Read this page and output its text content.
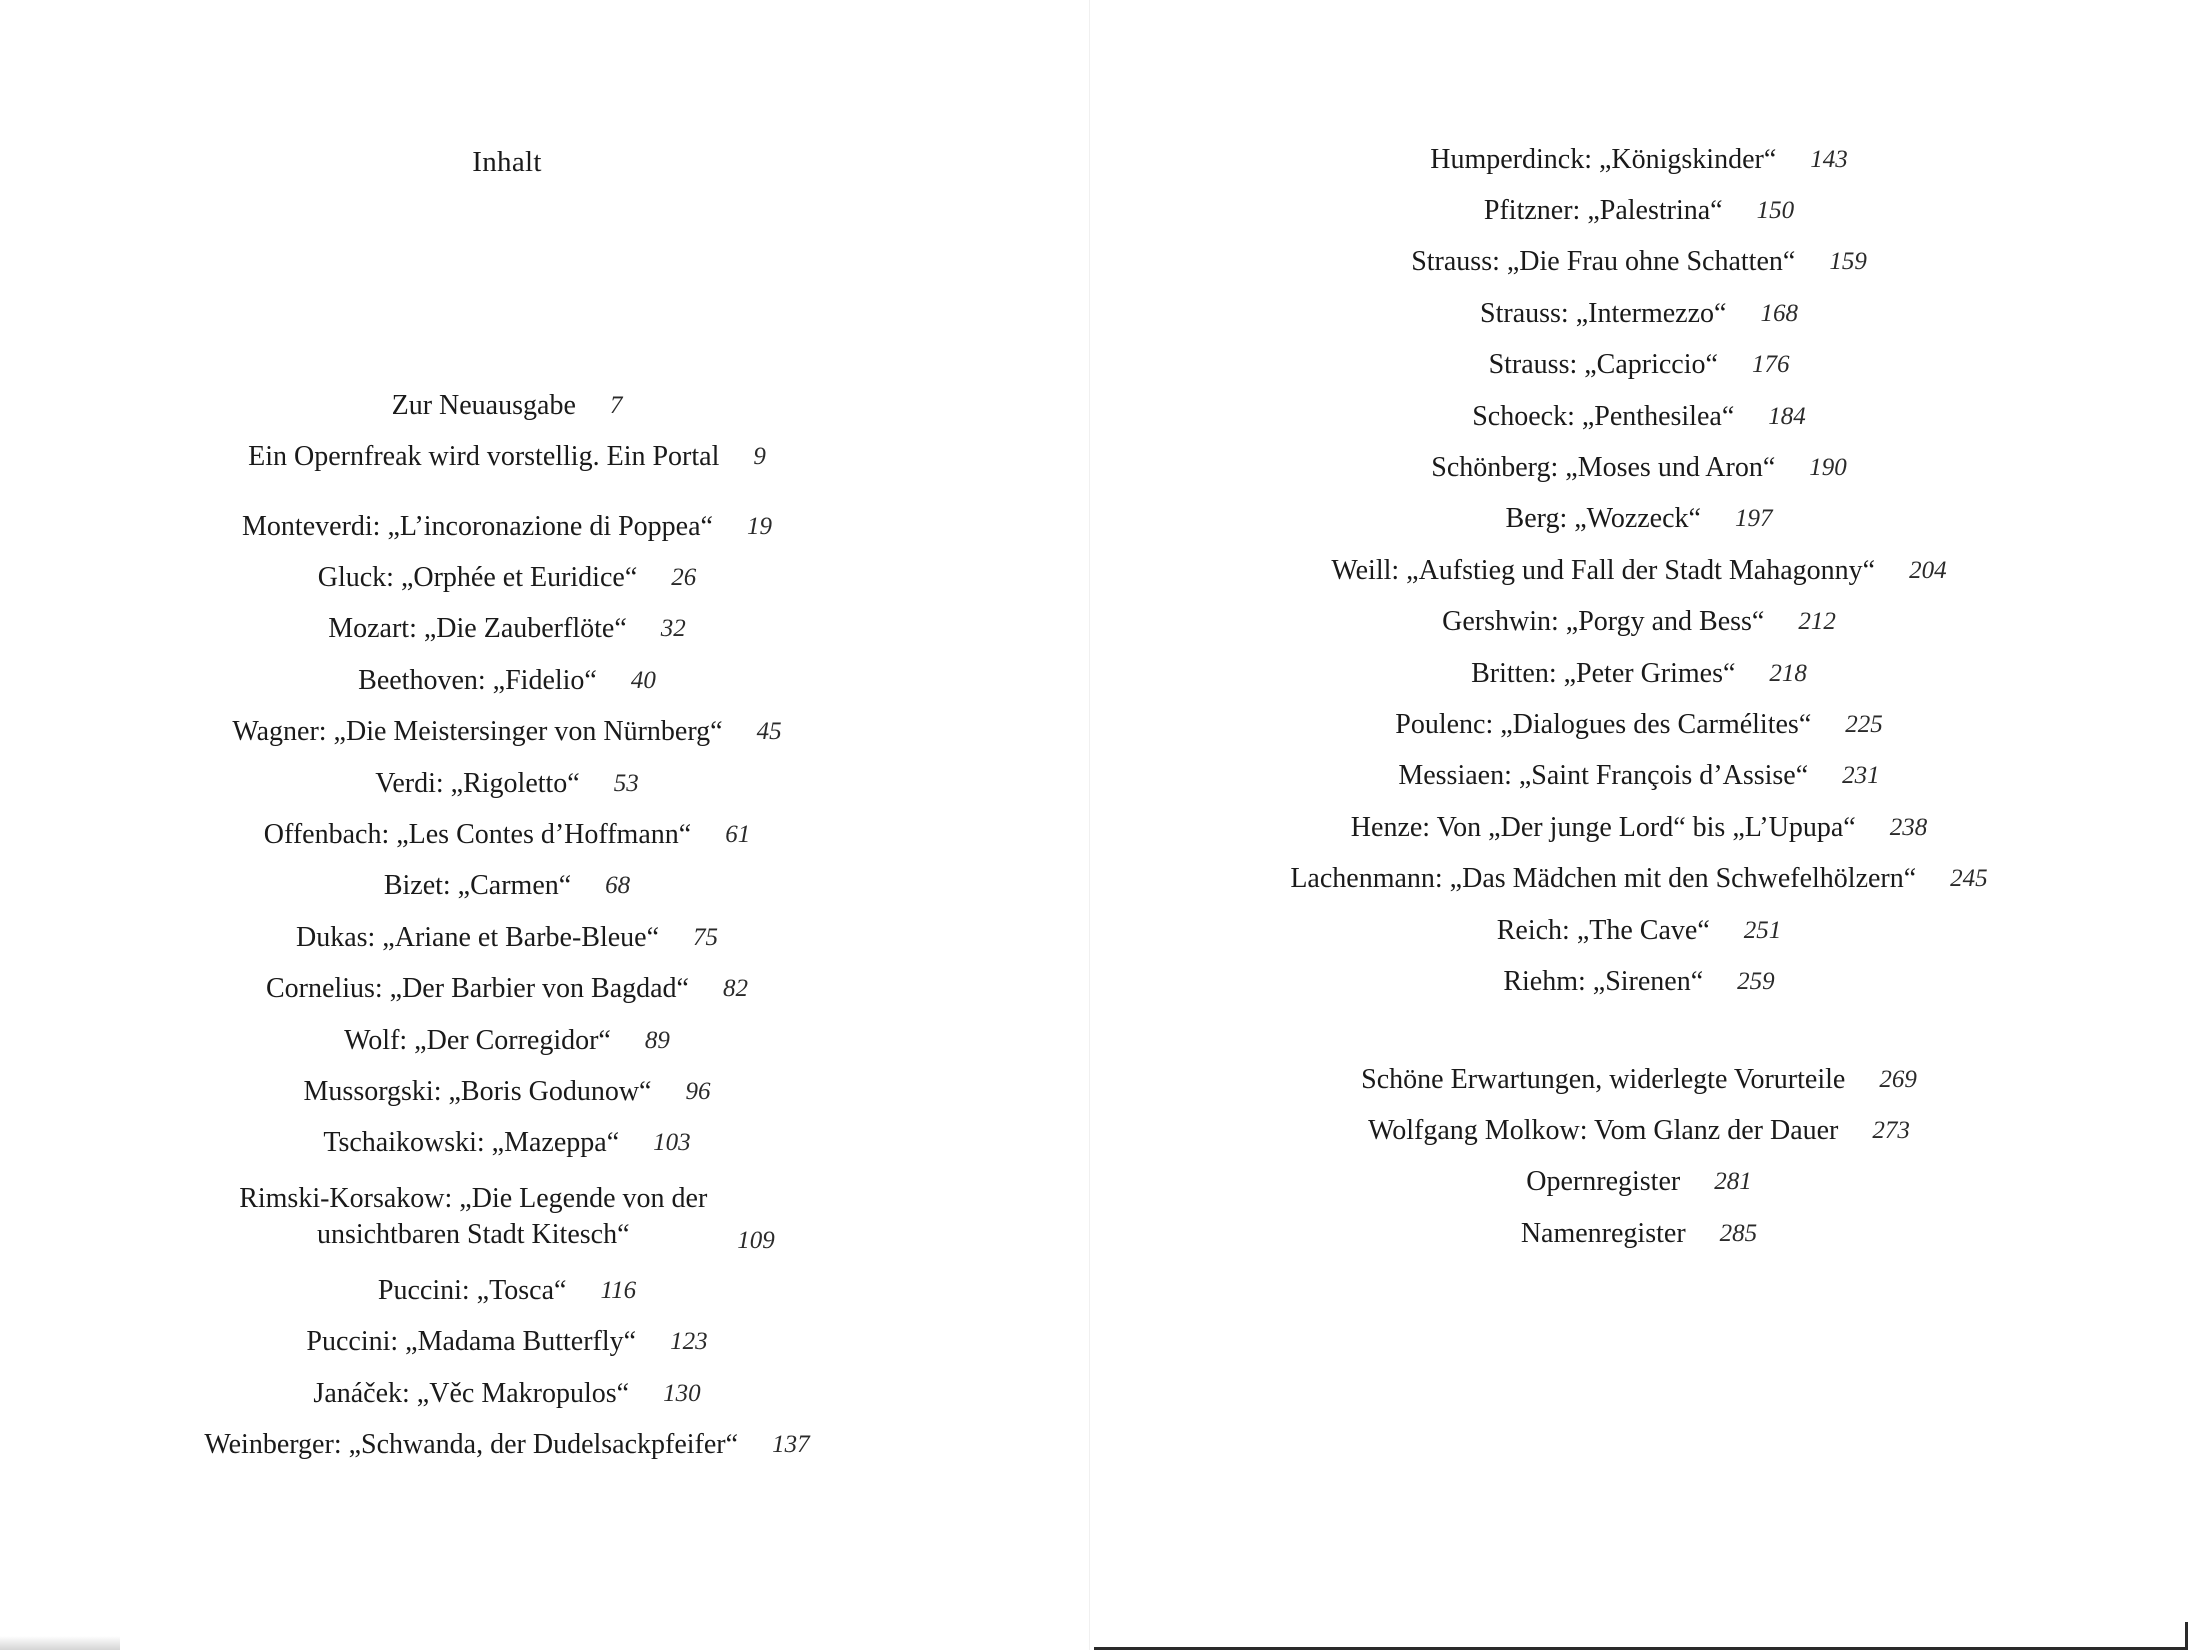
Inhalt
Zur Neuausgabe 7
Ein Opernfreak wird vorstellig. Ein Portal 9
Monteverdi: „L’incoronazione di Poppea“ 19
Gluck: „Orphée et Euridice“ 26
Mozart: „Die Zauberflöte“ 32
Beethoven: „Fidelio“ 40
Wagner: „Die Meistersinger von Nürnberg“ 45
Verdi: „Rigoletto“ 53
Offenbach: „Les Contes d’Hoffmann“ 61
Bizet: „Carmen“ 68
Dukas: „Ariane et Barbe-Bleue“ 75
Cornelius: „Der Barbier von Bagdad“ 82
Wolf: „Der Corregidor“ 89
Mussorgski: „Boris Godunow“ 96
Tschaikowski: „Mazeppa“ 103
Rimski-Korsakow: „Die Legende von der
unsichtbaren Stadt Kitesch“	109
Puccini: „Tosca“ 116
Puccini: „Madama Butterfly“ 123
Janáček: „Věc Makropulos“ 130
Weinberger: „Schwanda, der Dudelsackpfeifer“ 137
Humperdinck: „Königskinder“ 143
Pfitzner: „Palestrina“ 150
Strauss: „Die Frau ohne Schatten“ 159
Strauss: „Intermezzo“ 168
Strauss: „Capriccio“ 176
Schoeck: „Penthesilea“ 184
Schönberg: „Moses und Aron“ 190
Berg: „Wozzeck“ 197
Weill: „Aufstieg und Fall der Stadt Mahagonny“ 204
Gershwin: „Porgy and Bess“ 212
Britten: „Peter Grimes“ 218
Poulenc: „Dialogues des Carmélites“ 225
Messiaen: „Saint François d’Assise“ 231
Henze: Von „Der junge Lord“ bis „L’Upupa“ 238
Lachenmann: „Das Mädchen mit den Schwefelhölzern“ 245
Reich: „The Cave“ 251
Riehm: „Sirenen“ 259
Schöne Erwartungen, widerlegte Vorurteile 269
Wolfgang Molkow: Vom Glanz der Dauer 273
Opernregister 281
Namenregister 285
